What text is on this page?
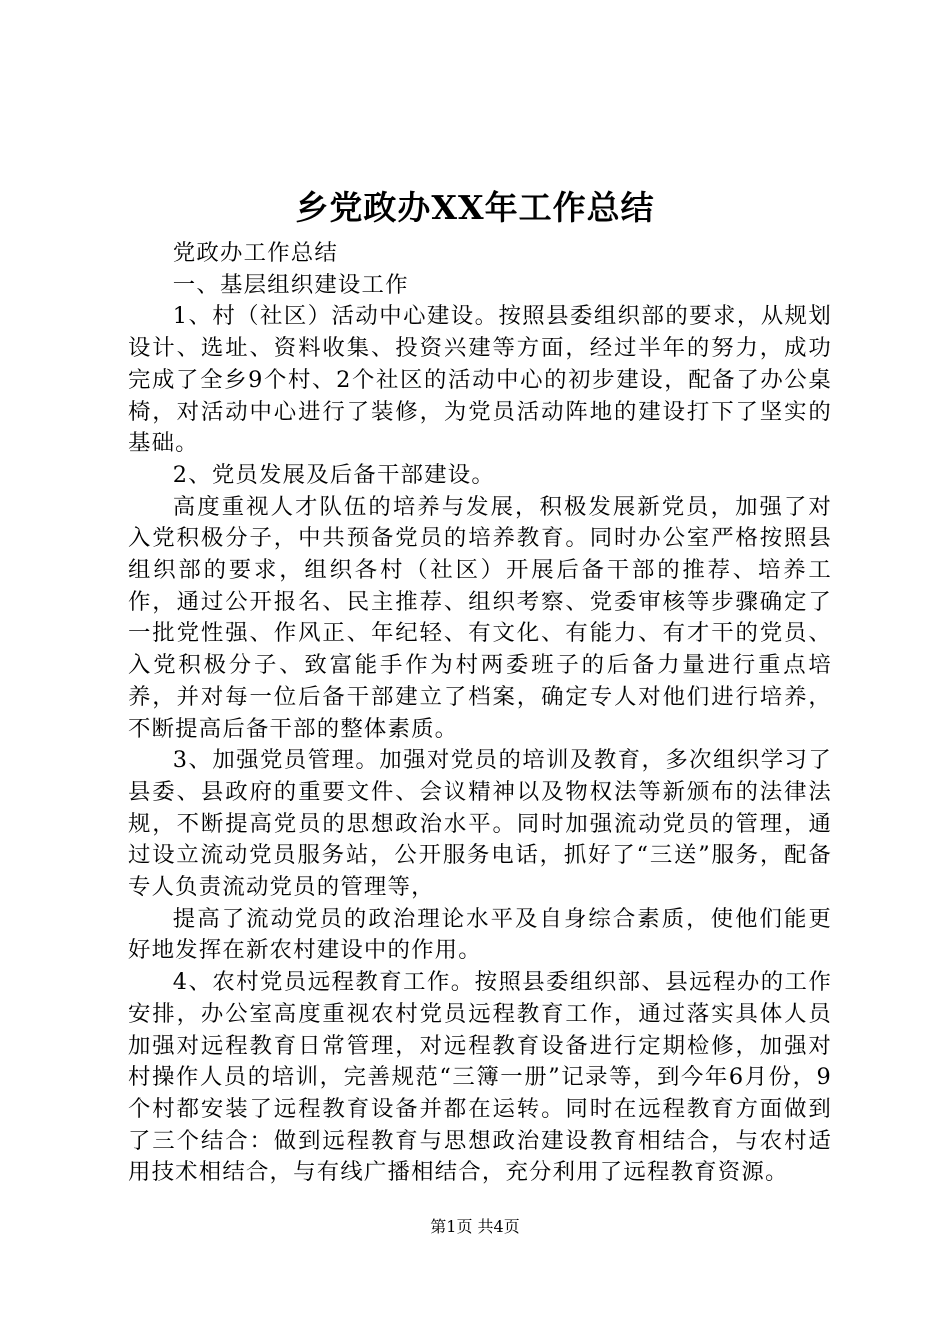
乡党政办XX年工作总结

党政办工作总结

一、基层组织建设工作

1、村（社区）活动中心建设。按照县委组织部的要求，从规划设计、选址、资料收集、投资兴建等方面，经过半年的努力，成功完成了全乡9个村、2个社区的活动中心的初步建设，配备了办公桌椅，对活动中心进行了装修，为党员活动阵地的建设打下了坚实的基础。

2、党员发展及后备干部建设。

高度重视人才队伍的培养与发展，积极发展新党员，加强了对入党积极分子，中共预备党员的培养教育。同时办公室严格按照县组织部的要求，组织各村（社区）开展后备干部的推荐、培养工作，通过公开报名、民主推荐、组织考察、党委审核等步骤确定了一批党性强、作风正、年纪轻、有文化、有能力、有才干的党员、入党积极分子、致富能手作为村两委班子的后备力量进行重点培养，并对每一位后备干部建立了档案，确定专人对他们进行培养，不断提高后备干部的整体素质。

3、加强党员管理。加强对党员的培训及教育，多次组织学习了县委、县政府的重要文件、会议精神以及物权法等新颁布的法律法规，不断提高党员的思想政治水平。同时加强流动党员的管理，通过设立流动党员服务站，公开服务电话，抓好了“三送”服务，配备专人负责流动党员的管理等，

提高了流动党员的政治理论水平及自身综合素质，使他们能更好地发挥在新农村建设中的作用。

4、农村党员远程教育工作。按照县委组织部、县远程办的工作安排，办公室高度重视农村党员远程教育工作，通过落实具体人员加强对远程教育日常管理，对远程教育设备进行定期检修，加强对村操作人员的培训，完善规范“三簿一册”记录等，到今年6月份，9个村都安装了远程教育设备并都在运转。同时在远程教育方面做到了三个结合：做到远程教育与思想政治建设教育相结合，与农村适用技术相结合，与有线广播相结合，充分利用了远程教育资源。

第1页 共4页
